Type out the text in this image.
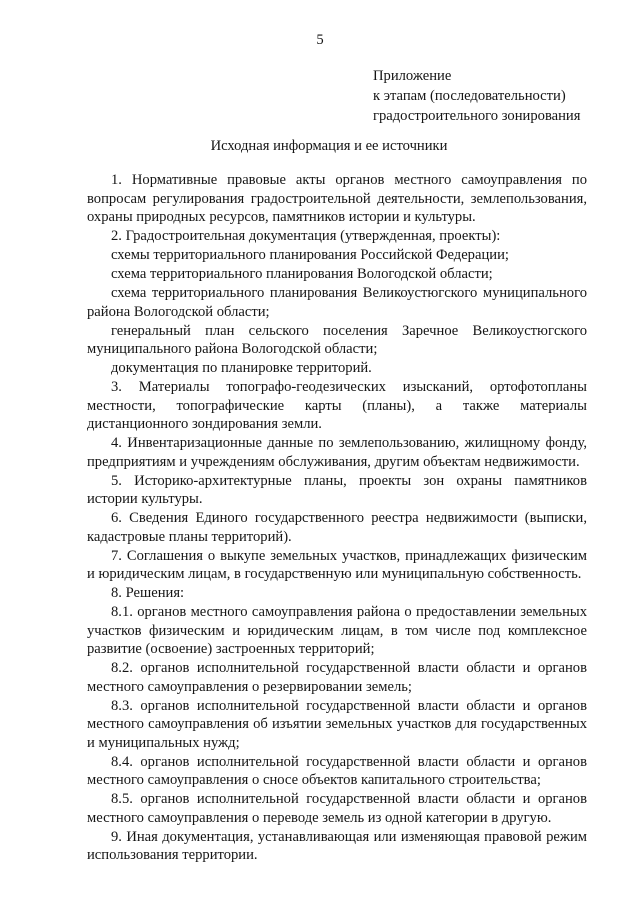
5
Приложение
к этапам (последовательности)
градостроительного зонирования
Исходная информация и ее источники

1. Нормативные правовые акты органов местного самоуправления по вопросам регулирования градостроительной деятельности, землепользования, охраны природных ресурсов, памятников истории и культуры.

2. Градостроительная документация (утвержденная, проекты):

схемы территориального планирования Российской Федерации;

схема территориального планирования Вологодской области;

схема территориального планирования Великоустюгского муниципального района Вологодской области;

генеральный план сельского поселения Заречное Великоустюгского муниципального района Вологодской области;

документация по планировке территорий.

3. Материалы топографо-геодезических изысканий, ортофотопланы местности, топографические карты (планы), а также материалы дистанционного зондирования земли.

4. Инвентаризационные данные по землепользованию, жилищному фонду, предприятиям и учреждениям обслуживания, другим объектам недвижимости.

5. Историко-архитектурные планы, проекты зон охраны памятников истории культуры.

6. Сведения Единого государственного реестра недвижимости (выписки, кадастровые планы территорий).

7. Соглашения о выкупе земельных участков, принадлежащих физическим и юридическим лицам, в государственную или муниципальную собственность.

8. Решения:

8.1. органов местного самоуправления района о предоставлении земельных участков физическим и юридическим лицам, в том числе под комплексное развитие (освоение) застроенных территорий;

8.2. органов исполнительной государственной власти области и органов местного самоуправления о резервировании земель;

8.3. органов исполнительной государственной власти области и органов местного самоуправления об изъятии земельных участков для государственных и муниципальных нужд;

8.4. органов исполнительной государственной власти области и органов местного самоуправления о сносе объектов капитального строительства;

8.5. органов исполнительной государственной власти области и органов местного самоуправления о переводе земель из одной категории в другую.

9. Иная документация, устанавливающая или изменяющая правовой режим использования территории.
